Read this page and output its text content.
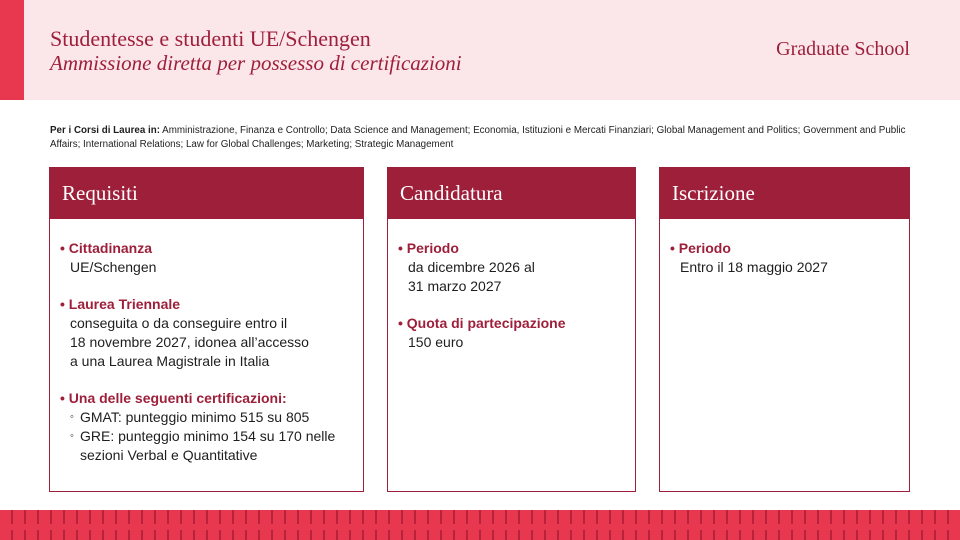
Studentesse e studenti UE/Schengen
Ammissione diretta per possesso di certificazioni
Graduate School
Per i Corsi di Laurea in: Amministrazione, Finanza e Controllo; Data Science and Management; Economia, Istituzioni e Mercati Finanziari; Global Management and Politics; Government and Public Affairs; International Relations; Law for Global Challenges; Marketing; Strategic Management
Requisiti
• Cittadinanza
UE/Schengen
• Laurea Triennale
conseguita o da conseguire entro il
18 novembre 2027, idonea all’accesso
a una Laurea Magistrale in Italia
• Una delle seguenti certificazioni:
◦ GMAT: punteggio minimo 515 su 805
◦ GRE: punteggio minimo 154 su 170 nelle
sezioni Verbal e Quantitative
Candidatura
• Periodo
da dicembre 2026 al
31 marzo 2027
• Quota di partecipazione
150 euro
Iscrizione
• Periodo
Entro il 18 maggio 2027
